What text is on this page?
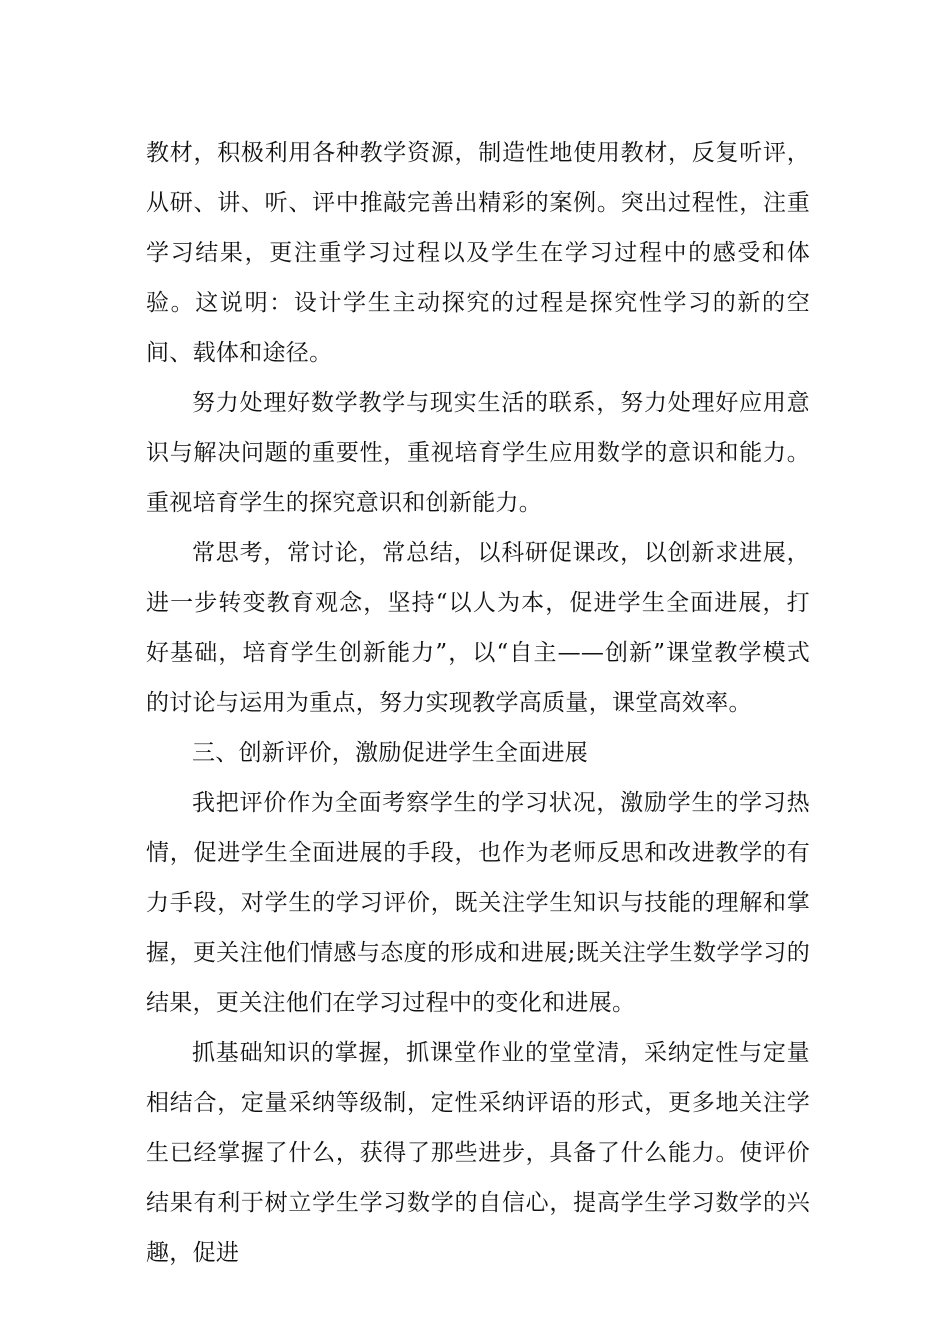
教材，积极利用各种教学资源，制造性地使用教材，反复听评，从研、讲、听、评中推敲完善出精彩的案例。突出过程性，注重学习结果，更注重学习过程以及学生在学习过程中的感受和体验。这说明：设计学生主动探究的过程是探究性学习的新的空间、载体和途径。

努力处理好数学教学与现实生活的联系，努力处理好应用意识与解决问题的重要性，重视培育学生应用数学的意识和能力。重视培育学生的探究意识和创新能力。

常思考，常讨论，常总结，以科研促课改，以创新求进展，进一步转变教育观念，坚持“以人为本，促进学生全面进展，打好基础，培育学生创新能力”，以“自主——创新”课堂教学模式的讨论与运用为重点，努力实现教学高质量，课堂高效率。

三、创新评价，激励促进学生全面进展

我把评价作为全面考察学生的学习状况，激励学生的学习热情，促进学生全面进展的手段，也作为老师反思和改进教学的有力手段，对学生的学习评价，既关注学生知识与技能的理解和掌握，更关注他们情感与态度的形成和进展;既关注学生数学学习的结果，更关注他们在学习过程中的变化和进展。

抓基础知识的掌握，抓课堂作业的堂堂清，采纳定性与定量相结合，定量采纳等级制，定性采纳评语的形式，更多地关注学生已经掌握了什么，获得了那些进步，具备了什么能力。使评价结果有利于树立学生学习数学的自信心，提高学生学习数学的兴趣，促进
